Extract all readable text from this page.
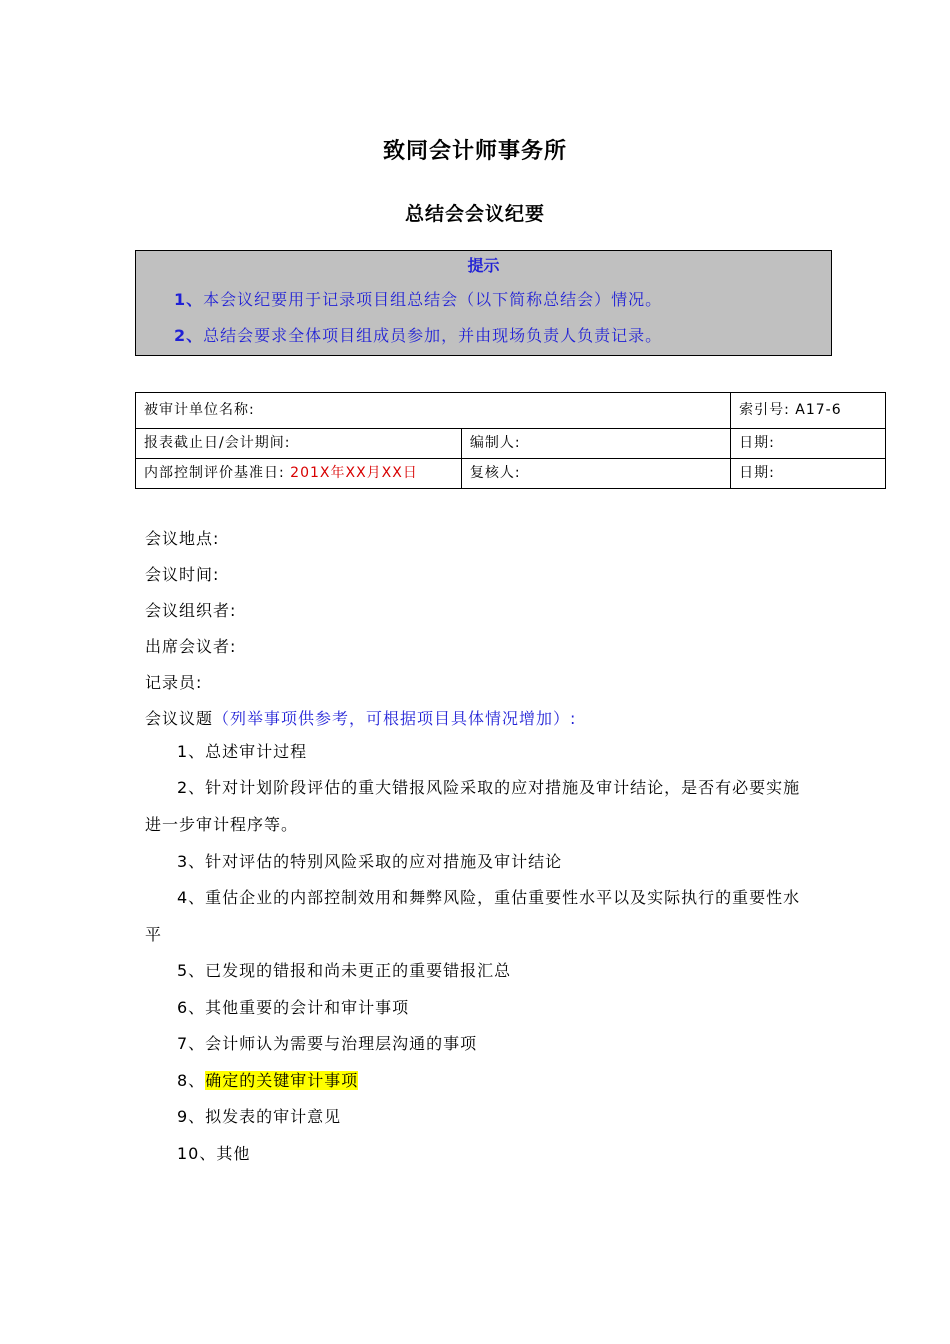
致同会计师事务所
总结会会议纪要
提示
1、本会议纪要用于记录项目组总结会（以下简称总结会）情况。
2、总结会要求全体项目组成员参加，并由现场负责人负责记录。
被审计单位名称:		索引号: A17-6
报表截止日/会计期间:	编制人:	日期:
内部控制评价基准日: 201X年XX月XX日	复核人:	日期:
会议地点:
会议时间:
会议组织者:
出席会议者:
记录员:
会议议题（列举事项供参考，可根据项目具体情况增加）:
1、总述审计过程
2、针对计划阶段评估的重大错报风险采取的应对措施及审计结论，是否有必要实施
进一步审计程序等。
3、针对评估的特别风险采取的应对措施及审计结论
4、重估企业的内部控制效用和舞弊风险，重估重要性水平以及实际执行的重要性水
平
5、已发现的错报和尚未更正的重要错报汇总
6、其他重要的会计和审计事项
7、会计师认为需要与治理层沟通的事项
8、确定的关键审计事项
9、拟发表的审计意见
10、其他
